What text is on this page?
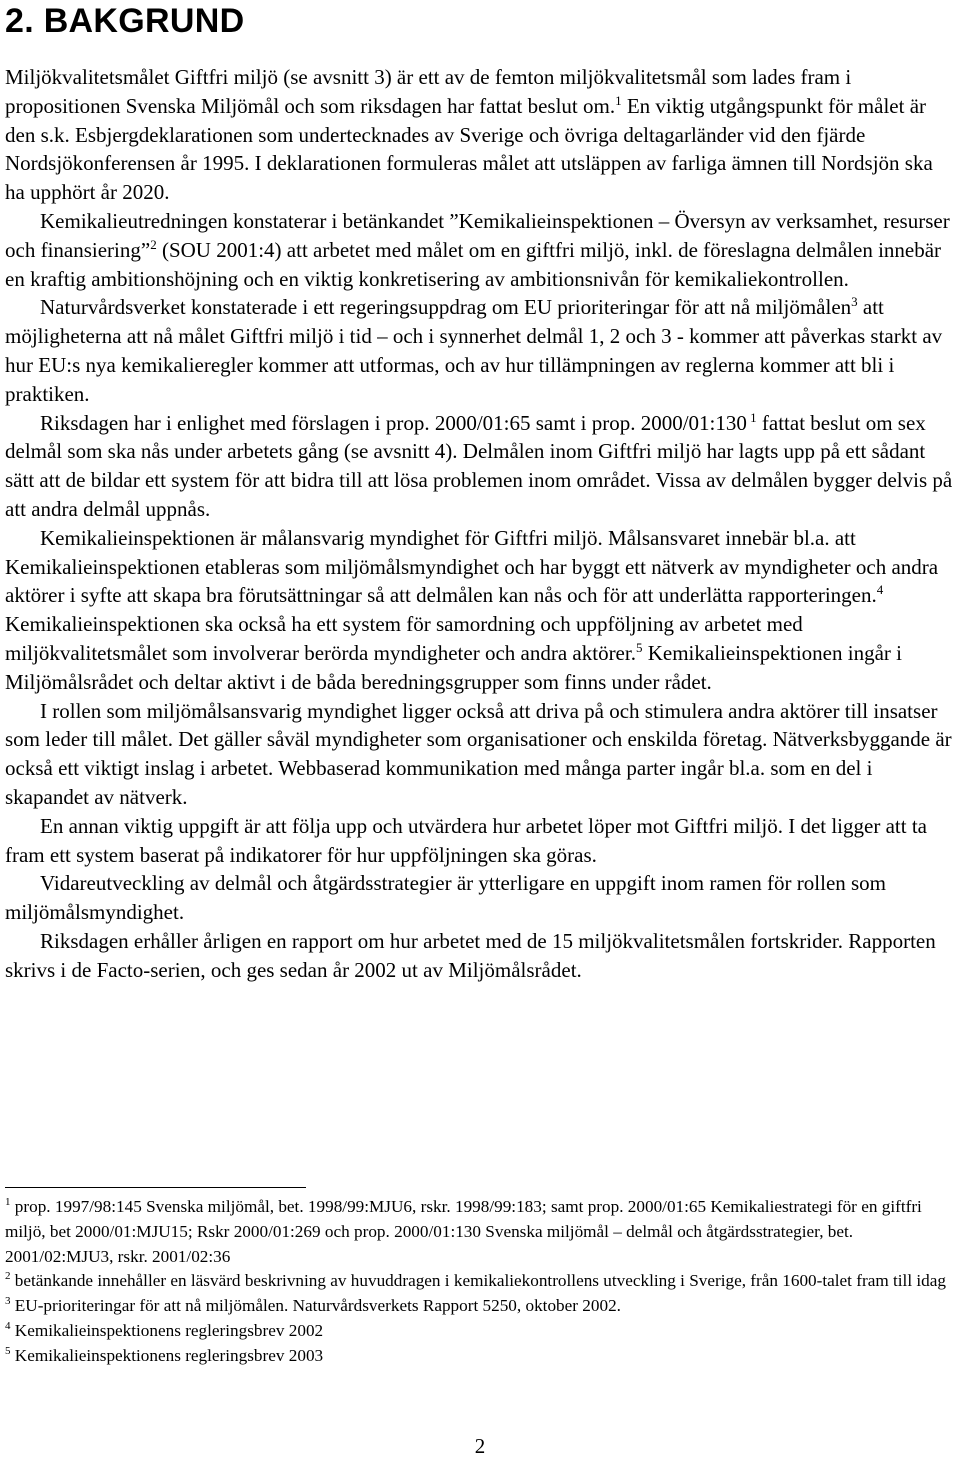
2. BAKGRUND

Miljökvalitetsmålet Giftfri miljö (se avsnitt 3) är ett av de femton miljökvalitetsmål som lades fram i propositionen Svenska Miljömål och som riksdagen har fattat beslut om.$^1$ En viktig utgångspunkt för målet är den s.k. Esbjergdeklarationen som undertecknades av Sverige och övriga deltagarländer vid den fjärde Nordsjökonferensen år 1995. I deklarationen formuleras målet att utsläppen av farliga ämnen till Nordsjön ska ha upphört år 2020.

Kemikalieutredningen konstaterar i betänkandet ”Kemikalieinspektionen – Översyn av verksamhet, resurser och finansiering”$^2$ (SOU 2001:4) att arbetet med målet om en giftfri miljö, inkl. de föreslagna delmålen innebär en kraftig ambitionshöjning och en viktig konkretisering av ambitionsnivån för kemikaliekontrollen.

Naturvårdsverket konstaterade i ett regeringsuppdrag om EU prioriteringar för att nå miljömålen$^3$ att möjligheterna att nå målet Giftfri miljö i tid – och i synnerhet delmål 1, 2 och 3 - kommer att påverkas starkt av hur EU:s nya kemikalieregler kommer att utformas, och av hur tillämpningen av reglerna kommer att bli i praktiken.

Riksdagen har i enlighet med förslagen i prop. 2000/01:65 samt i prop. 2000/01:130 $^1$ fattat beslut om sex delmål som ska nås under arbetets gång (se avsnitt 4). Delmålen inom Giftfri miljö har lagts upp på ett sådant sätt att de bildar ett system för att bidra till att lösa problemen inom området. Vissa av delmålen bygger delvis på att andra delmål uppnås.

Kemikalieinspektionen är målansvarig myndighet för Giftfri miljö. Målsansvaret innebär bl.a. att Kemikalieinspektionen etableras som miljömålsmyndighet och har byggt ett nätverk av myndigheter och andra aktörer i syfte att skapa bra förutsättningar så att delmålen kan nås och för att underlätta rapporteringen.$^4$ Kemikalieinspektionen ska också ha ett system för samordning och uppföljning av arbetet med miljökvalitetsmålet som involverar berörda myndigheter och andra aktörer.$^5$ Kemikalieinspektionen ingår i Miljömålsrådet och deltar aktivt i de båda beredningsgrupper som finns under rådet.

I rollen som miljömålsansvarig myndighet ligger också att driva på och stimulera andra aktörer till insatser som leder till målet. Det gäller såväl myndigheter som organisationer och enskilda företag. Nätverksbyggande är också ett viktigt inslag i arbetet. Webbaserad kommunikation med många parter ingår bl.a. som en del i skapandet av nätverk.

En annan viktig uppgift är att följa upp och utvärdera hur arbetet löper mot Giftfri miljö. I det ligger att ta fram ett system baserat på indikatorer för hur uppföljningen ska göras.

Vidareutveckling av delmål och åtgärdsstrategier är ytterligare en uppgift inom ramen för rollen som miljömålsmyndighet.

Riksdagen erhåller årligen en rapport om hur arbetet med de 15 miljökvalitetsmålen fortskrider. Rapporten skrivs i de Facto-serien, och ges sedan år 2002 ut av Miljömålsrådet.

$^1$ prop. 1997/98:145 Svenska miljömål, bet. 1998/99:MJU6, rskr. 1998/99:183; samt prop. 2000/01:65 Kemikaliestrategi för en giftfri miljö, bet 2000/01:MJU15; Rskr 2000/01:269 och prop. 2000/01:130 Svenska miljömål – delmål och åtgärdsstrategier, bet. 2001/02:MJU3, rskr. 2001/02:36

$^2$ betänkande innehåller en läsvärd beskrivning av huvuddragen i kemikaliekontrollens utveckling i Sverige, från 1600-talet fram till idag

$^3$ EU-prioriteringar för att nå miljömålen. Naturvårdsverkets Rapport 5250, oktober 2002.

$^4$ Kemikalieinspektionens regleringsbrev 2002

$^5$ Kemikalieinspektionens regleringsbrev 2003

2
